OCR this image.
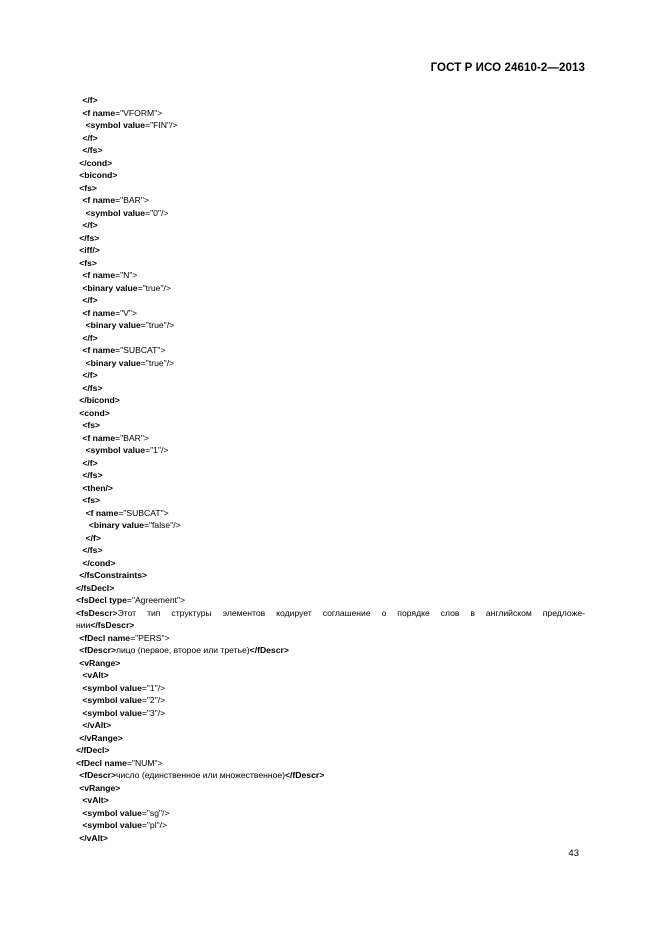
ГОСТ Р ИСО 24610-2—2013
</f>
<f name="VFORM">
<symbol value="FIN"/>
</f>
</fs>
</cond>
<bicond>
<fs>
<f name="BAR">
<symbol value="0"/>
</f>
</fs>
<iff/>
<fs>
<f name="N">
<binary value="true"/>
</f>
<f name="V">
<binary value="true"/>
</f>
<f name="SUBCAT">
<binary value="true"/>
</f>
</fs>
</bicond>
<cond>
<fs>
<f name="BAR">
<symbol value="1"/>
</f>
</fs>
<then/>
<fs>
<f name="SUBCAT">
<binary value="false"/>
</f>
</fs>
</cond>
</fsConstraints>
</fsDecl>
<fsDecl type="Agreement">
<fsDescr>Этот тип структуры элементов кодирует соглашение о порядке слов в английском предложе-
нии</fsDescr>
<fDecl name="PERS">
<fDescr>лицо (первое, второе или третье)</fDescr>
<vRange>
<vAlt>
<symbol value="1"/>
<symbol value="2"/>
<symbol value="3"/>
</vAlt>
</vRange>
</fDecl>
<fDecl name="NUM">
<fDescr>число (единственное или множественное)</fDescr>
<vRange>
<vAlt>
<symbol value="sg"/>
<symbol value="pl"/>
</vAlt>
43
